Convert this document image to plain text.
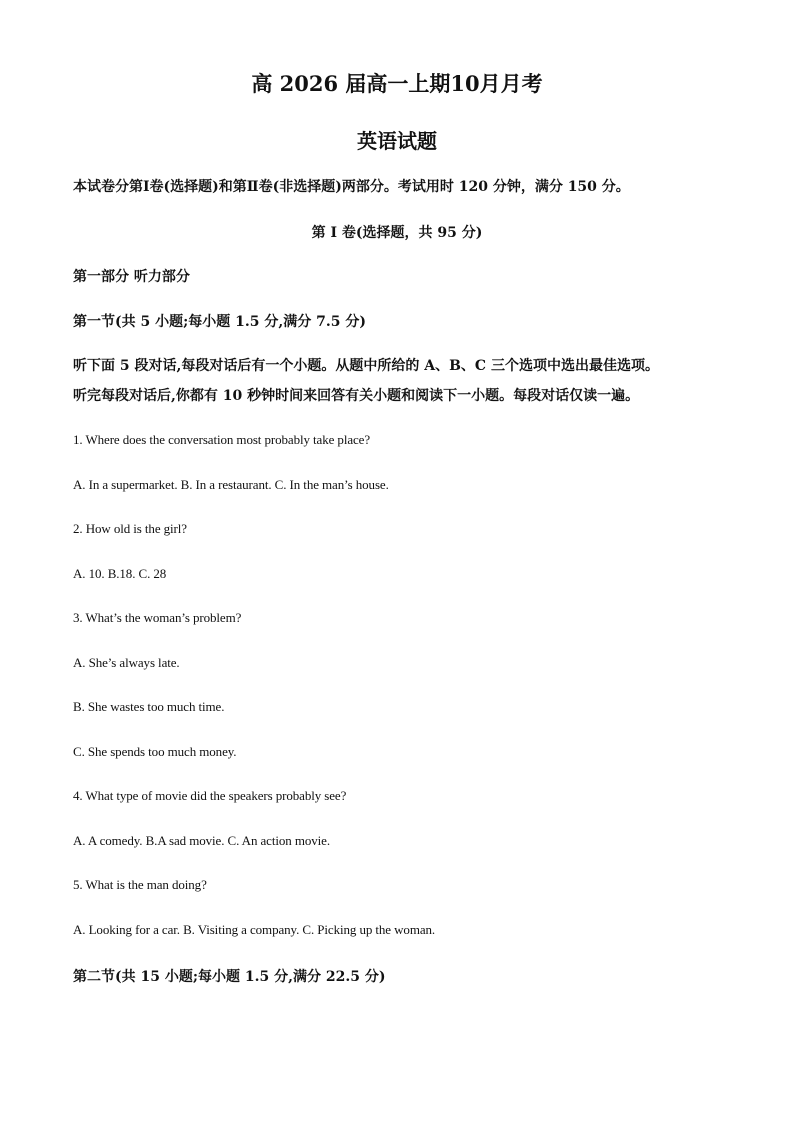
高 2026 届高一上期10月月考
英语试题
本试卷分第Ⅰ卷(选择题)和第Ⅱ卷(非选择题)两部分。考试用时 120 分钟，满分 150 分。
第 I 卷(选择题，共 95 分)
第一部分 听力部分
第一节(共 5 小题;每小题 1.5 分,满分 7.5 分)
听下面 5 段对话,每段对话后有一个小题。从题中所给的 A、B、C 三个选项中选出最佳选项。
听完每段对话后,你都有 10 秒钟时间来回答有关小题和阅读下一小题。每段对话仅读一遍。
1. Where does the conversation most probably take place?
A. In a supermarket. B. In a restaurant. C. In the man’s house.
2. How old is the girl?
A. 10. B.18. C. 28
3. What’s the woman’s problem?
A. She’s always late.
B. She wastes too much time.
C. She spends too much money.
4. What type of movie did the speakers probably see?
A. A comedy. B.A sad movie. C. An action movie.
5. What is the man doing?
A. Looking for a car. B. Visiting a company. C. Picking up the woman.
第二节(共 15 小题;每小题 1.5 分,满分 22.5 分)
